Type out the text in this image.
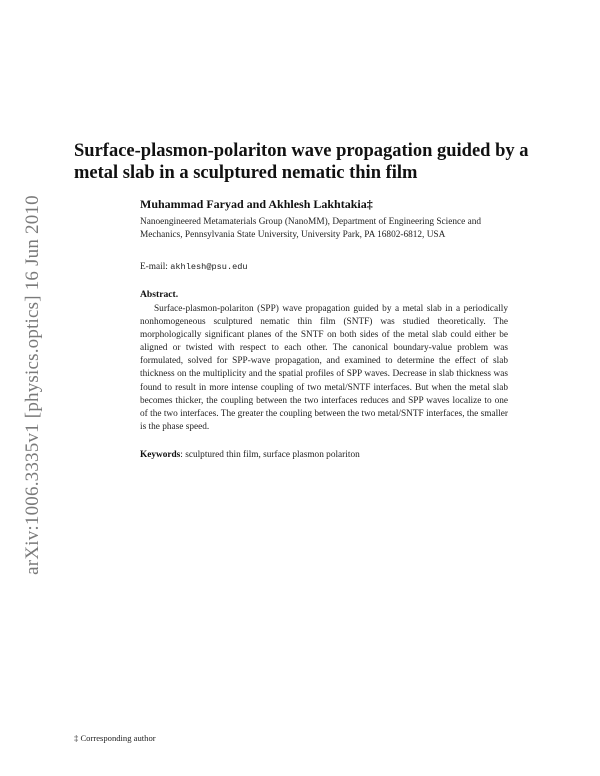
arXiv:1006.3335v1 [physics.optics] 16 Jun 2010
Surface-plasmon-polariton wave propagation guided by a metal slab in a sculptured nematic thin film
Muhammad Faryad and Akhlesh Lakhtakia‡
Nanoengineered Metamaterials Group (NanoMM), Department of Engineering Science and Mechanics, Pennsylvania State University, University Park, PA 16802-6812, USA
E-mail: akhlesh@psu.edu
Abstract.

Surface-plasmon-polariton (SPP) wave propagation guided by a metal slab in a periodically nonhomogeneous sculptured nematic thin film (SNTF) was studied theoretically. The morphologically significant planes of the SNTF on both sides of the metal slab could either be aligned or twisted with respect to each other. The canonical boundary-value problem was formulated, solved for SPP-wave propagation, and examined to determine the effect of slab thickness on the multiplicity and the spatial profiles of SPP waves. Decrease in slab thickness was found to result in more intense coupling of two metal/SNTF interfaces. But when the metal slab becomes thicker, the coupling between the two interfaces reduces and SPP waves localize to one of the two interfaces. The greater the coupling between the two metal/SNTF interfaces, the smaller is the phase speed.

Keywords: sculptured thin film, surface plasmon polariton
‡ Corresponding author
